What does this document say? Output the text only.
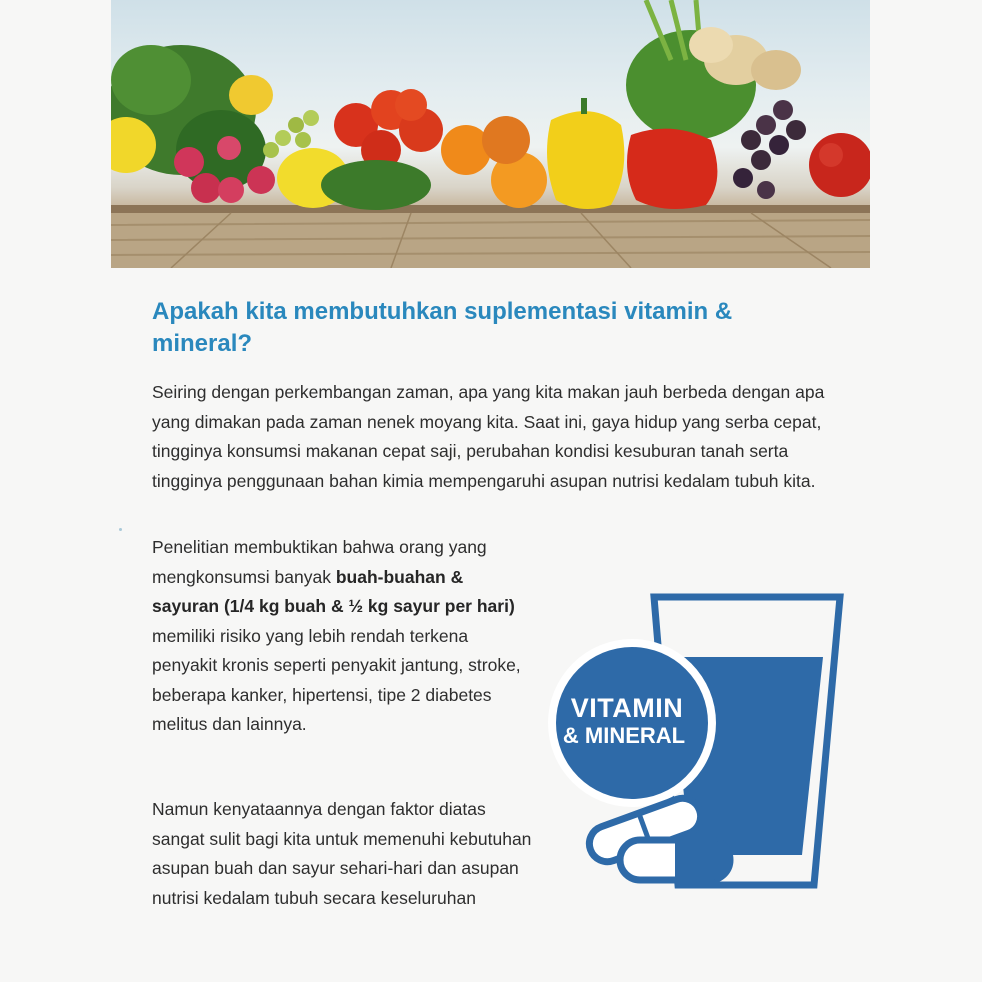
Apakah kita membutuhkan suplementasi vitamin & mineral?

Seiring dengan perkembangan zaman, apa yang kita makan jauh berbeda dengan apa yang dimakan pada zaman nenek moyang kita. Saat ini, gaya hidup yang serba cepat, tingginya konsumsi makanan cepat saji, perubahan kondisi kesuburan tanah serta tingginya penggunaan bahan kimia mempengaruhi asupan nutrisi kedalam tubuh kita.

Penelitian membuktikan bahwa orang yang mengkonsumsi banyak buah-buahan & sayuran (1/4 kg buah & ½ kg sayur per hari) memiliki risiko yang lebih rendah terkena penyakit kronis seperti penyakit jantung, stroke, beberapa kanker, hipertensi, tipe 2 diabetes melitus dan lainnya.

Namun kenyataannya dengan faktor diatas sangat sulit bagi kita untuk memenuhi kebutuhan asupan buah dan sayur sehari-hari dan asupan nutrisi kedalam tubuh secara keseluruhan

VITAMIN
& MINERAL
